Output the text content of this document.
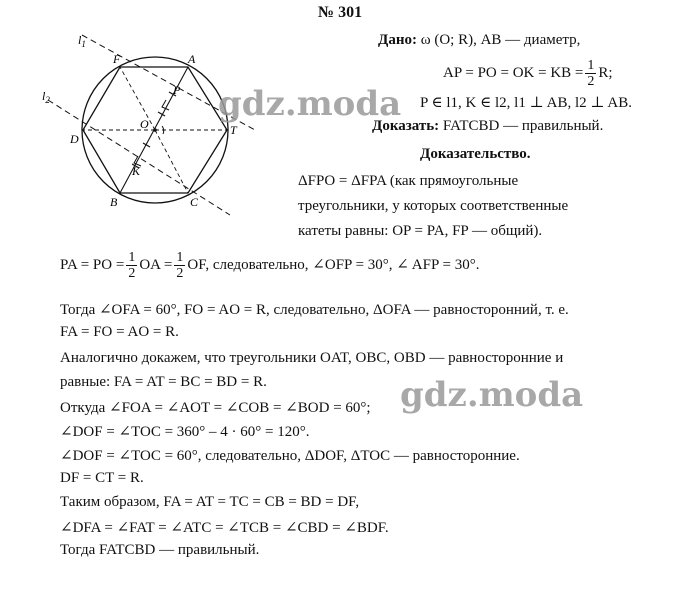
№ 301
$l_1$
$l_2$
F	A
P
O	T
D
K
B	C
Дано: ω (O; R), AB — диаметр,
AP = PO = OK = KB = $\frac{1}{2} R$;
P ∈ l1, K ∈ l2, l1 ⊥ AB, l2 ⊥ AB.
Доказать: FATCBD — правильный.
Доказательство.
ΔFPO = ΔFPA (как прямоугольные
треугольники, у которых соответственные
катеты равны: OP = PA, FP — общий).
PA = PO = $\frac{1}{2}$ OA = $\frac{1}{2}$ OF, следовательно, ∠OFP = 30°, ∠ AFP = 30°.
Тогда ∠OFA = 60°, FO = AO = R, следовательно, ΔOFA — равносторонний, т. е.
FA = FO = AO = R.
Аналогично докажем, что треугольники OAT, OBC, OBD — равносторонние и
равные: FA = AT = BC = BD = R.
Откуда ∠FOA = ∠AOT = ∠COB = ∠BOD = 60°;
∠DOF = ∠TOC = 360° – 4 · 60° = 120°.
∠DOF = ∠TOC = 60°, следовательно, ΔDOF, ΔTOC — равносторонние.
DF = CT = R.
Таким образом, FA = AT = TC = CB = BD = DF,
∠DFA = ∠FAT = ∠ATC = ∠TCB = ∠CBD = ∠BDF.
Тогда FATCBD — правильный.
gdz.moda
gdz.moda
